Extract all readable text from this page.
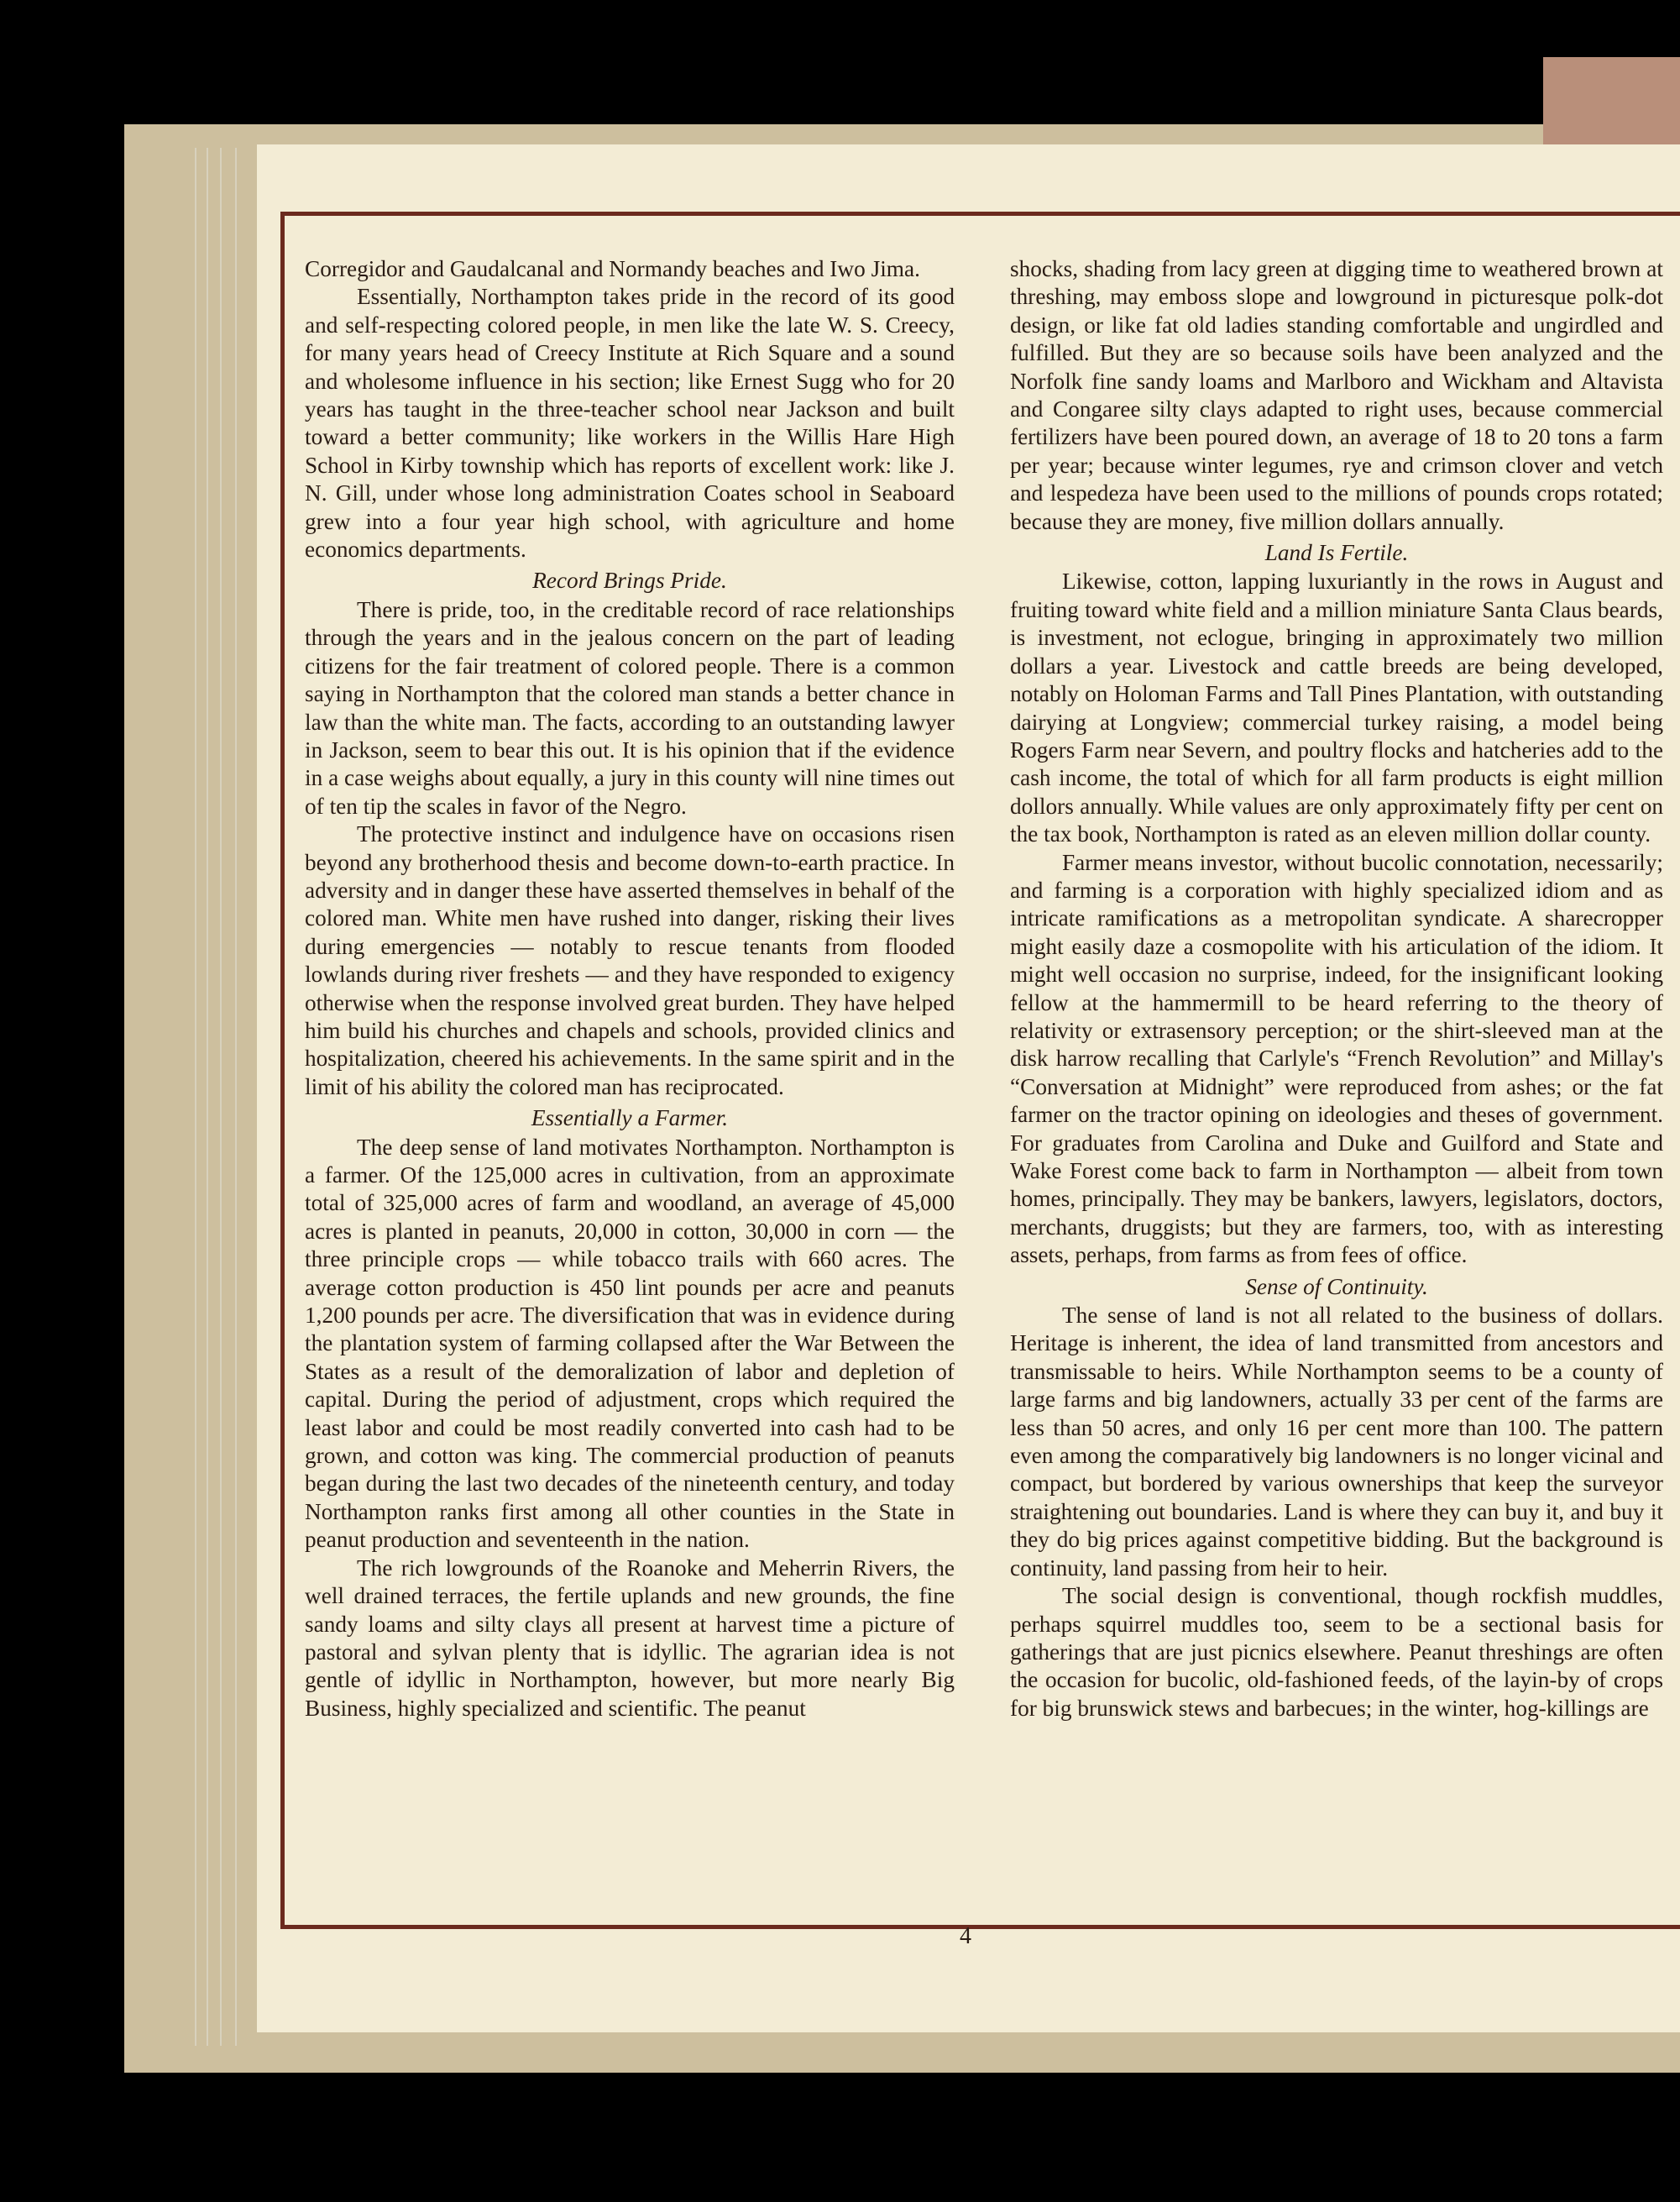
Corregidor and Gaudalcanal and Normandy beaches and Iwo Jima.

Essentially, Northampton takes pride in the record of its good and self-respecting colored people, in men like the late W. S. Creecy, for many years head of Creecy Institute at Rich Square and a sound and wholesome influence in his section; like Ernest Sugg who for 20 years has taught in the three-teacher school near Jackson and built toward a better community; like workers in the Willis Hare High School in Kirby township which has reports of excellent work: like J. N. Gill, under whose long administration Coates school in Seaboard grew into a four year high school, with agriculture and home economics departments.

Record Brings Pride.

There is pride, too, in the creditable record of race relationships through the years and in the jealous concern on the part of leading citizens for the fair treatment of colored people. There is a common saying in Northampton that the colored man stands a better chance in law than the white man. The facts, according to an outstanding lawyer in Jackson, seem to bear this out. It is his opinion that if the evidence in a case weighs about equally, a jury in this county will nine times out of ten tip the scales in favor of the Negro.

The protective instinct and indulgence have on occasions risen beyond any brotherhood thesis and become down-to-earth practice. In adversity and in danger these have asserted themselves in behalf of the colored man. White men have rushed into danger, risking their lives during emergencies — notably to rescue tenants from flooded lowlands during river freshets — and they have responded to exigency otherwise when the response involved great burden. They have helped him build his churches and chapels and schools, provided clinics and hospitalization, cheered his achievements. In the same spirit and in the limit of his ability the colored man has reciprocated.

Essentially a Farmer.

The deep sense of land motivates Northampton. Northampton is a farmer. Of the 125,000 acres in cultivation, from an approximate total of 325,000 acres of farm and woodland, an average of 45,000 acres is planted in peanuts, 20,000 in cotton, 30,000 in corn — the three principle crops — while tobacco trails with 660 acres. The average cotton production is 450 lint pounds per acre and peanuts 1,200 pounds per acre. The diversification that was in evidence during the plantation system of farming collapsed after the War Between the States as a result of the demoralization of labor and depletion of capital. During the period of adjustment, crops which required the least labor and could be most readily converted into cash had to be grown, and cotton was king. The commercial production of peanuts began during the last two decades of the nineteenth century, and today Northampton ranks first among all other counties in the State in peanut production and seventeenth in the nation.

The rich lowgrounds of the Roanoke and Meherrin Rivers, the well drained terraces, the fertile uplands and new grounds, the fine sandy loams and silty clays all present at harvest time a picture of pastoral and sylvan plenty that is idyllic. The agrarian idea is not gentle of idyllic in Northampton, however, but more nearly Big Business, highly specialized and scientific. The peanut

shocks, shading from lacy green at digging time to weathered brown at threshing, may emboss slope and lowground in picturesque polk-dot design, or like fat old ladies standing comfortable and ungirdled and fulfilled. But they are so because soils have been analyzed and the Norfolk fine sandy loams and Marlboro and Wickham and Altavista and Congaree silty clays adapted to right uses, because commercial fertilizers have been poured down, an average of 18 to 20 tons a farm per year; because winter legumes, rye and crimson clover and vetch and lespedeza have been used to the millions of pounds crops rotated; because they are money, five million dollars annually.

Land Is Fertile.

Likewise, cotton, lapping luxuriantly in the rows in August and fruiting toward white field and a million miniature Santa Claus beards, is investment, not eclogue, bringing in approximately two million dollars a year. Livestock and cattle breeds are being developed, notably on Holoman Farms and Tall Pines Plantation, with outstanding dairying at Longview; commercial turkey raising, a model being Rogers Farm near Severn, and poultry flocks and hatcheries add to the cash income, the total of which for all farm products is eight million dollors annually. While values are only approximately fifty per cent on the tax book, Northampton is rated as an eleven million dollar county.

Farmer means investor, without bucolic connotation, necessarily; and farming is a corporation with highly specialized idiom and as intricate ramifications as a metropolitan syndicate. A sharecropper might easily daze a cosmopolite with his articulation of the idiom. It might well occasion no surprise, indeed, for the insignificant looking fellow at the hammermill to be heard referring to the theory of relativity or extrasensory perception; or the shirt-sleeved man at the disk harrow recalling that Carlyle's “French Revolution” and Millay's “Conversation at Midnight” were reproduced from ashes; or the fat farmer on the tractor opining on ideologies and theses of government. For graduates from Carolina and Duke and Guilford and State and Wake Forest come back to farm in Northampton — albeit from town homes, principally. They may be bankers, lawyers, legislators, doctors, merchants, druggists; but they are farmers, too, with as interesting assets, perhaps, from farms as from fees of office.

Sense of Continuity.

The sense of land is not all related to the business of dollars. Heritage is inherent, the idea of land transmitted from ancestors and transmissable to heirs. While Northampton seems to be a county of large farms and big landowners, actually 33 per cent of the farms are less than 50 acres, and only 16 per cent more than 100. The pattern even among the comparatively big landowners is no longer vicinal and compact, but bordered by various ownerships that keep the surveyor straightening out boundaries. Land is where they can buy it, and buy it they do big prices against competitive bidding. But the background is continuity, land passing from heir to heir.

The social design is conventional, though rockfish muddles, perhaps squirrel muddles too, seem to be a sectional basis for gatherings that are just picnics elsewhere. Peanut threshings are often the occasion for bucolic, old-fashioned feeds, of the layin-by of crops for big brunswick stews and barbecues; in the winter, hog-killings are

4
